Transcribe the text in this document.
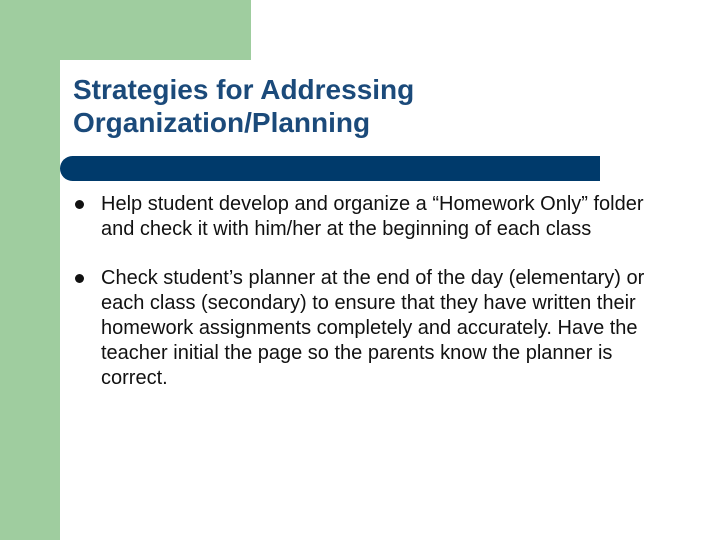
Strategies for Addressing
Organization/Planning
Help student develop and organize a “Homework Only” folder and check it with him/her at the beginning of each class
Check student’s planner at the end of the day (elementary) or each class (secondary) to ensure that they have written their homework assignments completely and accurately. Have the teacher initial the page so the parents know the planner is correct.
